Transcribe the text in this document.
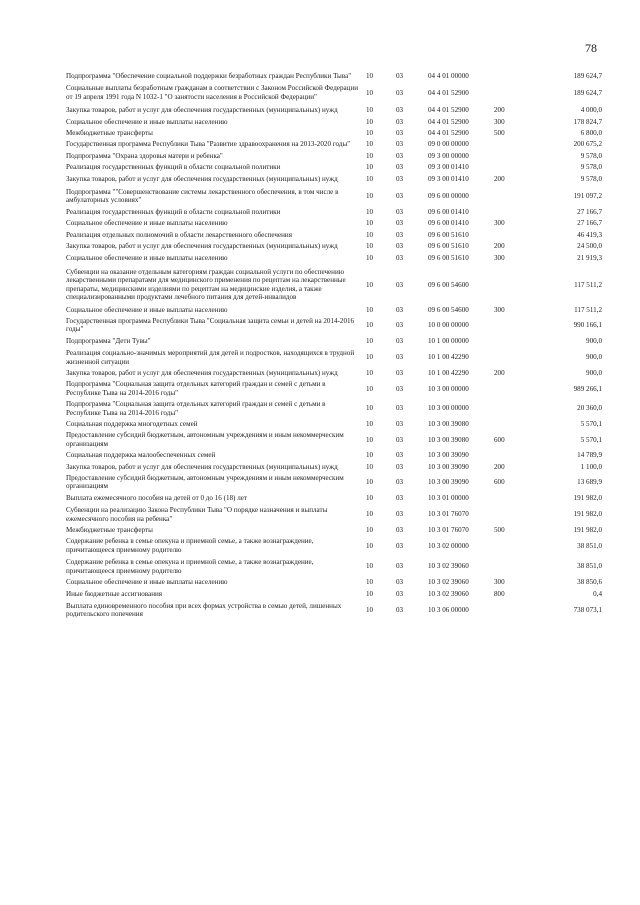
78
Подпрограмма "Обеспечение социальной поддержки безработных граждан Республики Тыва"	10	03	04 4 01 00000		189 624,7
Социальные выплаты безработным гражданам в соответствии с Законом Российской Федерации от 19 апреля 1991 года N 1032-1 "О занятости населения в Российской Федерации"	10	03	04 4 01 52900		189 624,7
Закупка товаров, работ и услуг для обеспечения государственных (муниципальных) нужд	10	03	04 4 01 52900	200	4 000,0
Социальное обеспечение и иные выплаты населению	10	03	04 4 01 52900	300	178 824,7
Межбюджетные трансферты	10	03	04 4 01 52900	500	6 800,0
Государственная программа Республики Тыва "Развитие здравоохранения на 2013-2020 годы"	10	03	09 0 00 00000		200 675,2
Подпрограмма "Охрана здоровья матери и ребенка"	10	03	09 3 00 00000		9 578,0
Реализация государственных функций в области социальной политики	10	03	09 3 00 01410		9 578,0
Закупка товаров, работ и услуг для обеспечения государственных (муниципальных) нужд	10	03	09 3 00 01410	200	9 578,0
Подпрограмма ""Совершенствование системы лекарственного обеспечения, в том числе в амбулаторных условиях"	10	03	09 6 00 00000		191 097,2
Реализация государственных функций в области социальной политики	10	03	09 6 00 01410		27 166,7
Социальное обеспечение и иные выплаты населению	10	03	09 6 00 01410	300	27 166,7
Реализация отдельных полномочий в области лекарственного обеспечения	10	03	09 6 00 51610		46 419,3
Закупка товаров, работ и услуг для обеспечения государственных (муниципальных) нужд	10	03	09 6 00 51610	200	24 500,0
Социальное обеспечение и иные выплаты населению	10	03	09 6 00 51610	300	21 919,3
Субвенции на оказание отдельным категориям граждан социальной услуги по обеспечению лекарственными препаратами для медицинского применения по рецептам на лекарственные препараты, медицинскими изделиями по рецептам на медицинские изделия, а также специализированными продуктами лечебного питания для детей-инвалидов	10	03	09 6 00 54600		117 511,2
Социальное обеспечение и иные выплаты населению	10	03	09 6 00 54600	300	117 511,2
Государственная программа Республики Тыва "Социальная защита семьи и детей на 2014-2016 годы"	10	03	10 0 00 00000		990 166,1
Подпрограмма "Дети Тувы"	10	03	10 1 00 00000		900,0
Реализация социально-значимых мероприятий для детей и подростков, находящихся в трудной жизненной ситуации	10	03	10 1 00 42290		900,0
Закупка товаров, работ и услуг для обеспечения государственных (муниципальных) нужд	10	03	10 1 00 42290	200	900,0
Подпрограмма "Социальная защита отдельных категорий граждан и семей с детьми в Республике Тыва на 2014-2016 годы"	10	03	10 3 00 00000		989 266,1
Подпрограмма "Социальная защита отдельных категорий граждан и семей с детьми в Республике Тыва на 2014-2016 годы"	10	03	10 3 00 00000		20 360,0
Социальная поддержка многодетных семей	10	03	10 3 00 39080		5 570,1
Предоставление субсидий бюджетным, автономным учреждениям и иным некоммерческим организациям	10	03	10 3 00 39080	600	5 570,1
Социальная поддержка малообеспеченных семей	10	03	10 3 00 39090		14 789,9
Закупка товаров, работ и услуг для обеспечения государственных (муниципальных) нужд	10	03	10 3 00 39090	200	1 100,0
Предоставление субсидий бюджетным, автономным учреждениям и иным некоммерческим организациям	10	03	10 3 00 39090	600	13 689,9
Выплата ежемесячного пособия на детей от 0 до 16 (18) лет	10	03	10 3 01 00000		191 982,0
Субвенции на реализацию Закона Республики Тыва "О порядке назначения и выплаты ежемесячного пособия на ребенка"	10	03	10 3 01 76070		191 982,0
Межбюджетные трансферты	10	03	10 3 01 76070	500	191 982,0
Содержание ребенка в семье опекуна и приемной семье, а также вознаграждение, причитающееся приемному родителю	10	03	10 3 02 00000		38 851,0
Содержание ребенка в семье опекуна и приемной семье, а также вознаграждение, причитающееся приемному родителю	10	03	10 3 02 39060		38 851,0
Социальное обеспечение и иные выплаты населению	10	03	10 3 02 39060	300	38 850,6
Иные бюджетные ассигнования	10	03	10 3 02 39060	800	0,4
Выплата единовременного пособия при всех формах устройства в семью детей, лишенных родительского попечения	10	03	10 3 06 00000		738 073,1
